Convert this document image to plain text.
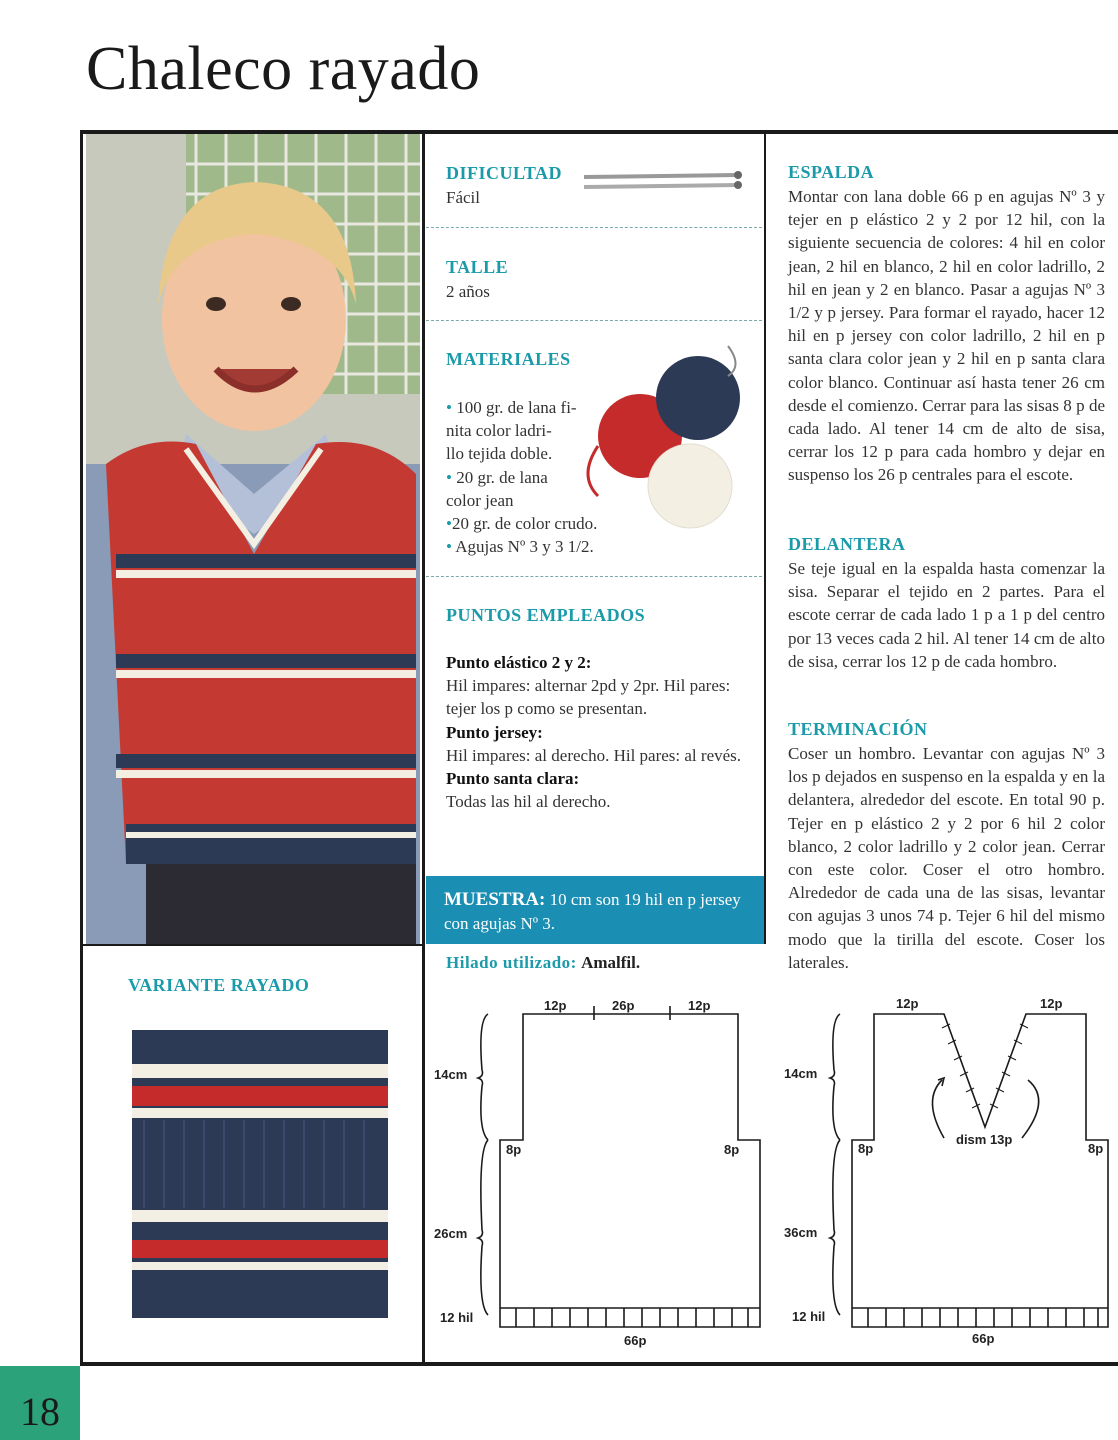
Chaleco rayado
DIFICULTAD

Fácil

TALLE

2 años

MATERIALES
• 100 gr. de lana fi-
nita color ladri-
llo tejida doble.
• 20 gr. de lana
color jean
•20 gr. de color crudo.
• Agujas Nº 3 y 3 1/2.
PUNTOS EMPLEADOS
Punto elástico 2 y 2:
Hil impares: alternar 2pd y 2pr. Hil pares: tejer los p como se presentan.
Punto jersey:
Hil impares: al derecho. Hil pares: al revés.
Punto santa clara:
Todas las hil al derecho.
MUESTRA: 10 cm son 19 hil en p jersey con agujas Nº 3.
Hilado utilizado: Amalfil.
ESPALDA

Montar con lana doble 66 p en agujas Nº 3 y tejer en p elástico 2 y 2 por 12 hil, con la siguiente secuencia de colores: 4 hil en color jean, 2 hil en blanco, 2 hil en color ladrillo, 2 hil en jean y 2 en blanco. Pasar a agujas Nº 3 1/2 y p jersey. Para formar el rayado, hacer 12 hil en p jersey con color ladrillo, 2 hil en p santa clara color jean y 2 hil en p santa clara color blanco. Continuar así hasta tener 26 cm desde el comienzo. Cerrar para las sisas 8 p de cada lado. Al tener 14 cm de alto de sisa, cerrar los 12 p para cada hombro y dejar en suspenso los 26 p centrales para el escote.

DELANTERA

Se teje igual en la espalda hasta comenzar la sisa. Separar el tejido en 2 partes. Para el escote cerrar de cada lado 1 p a 1 p del centro por 13 veces cada 2 hil. Al tener 14 cm de alto de sisa, cerrar los 12 p de cada hombro.

TERMINACIÓN

Coser un hombro. Levantar con agujas Nº 3 los p dejados en suspenso en la espalda y en la delantera, alrededor del escote. En total 90 p. Tejer en p elástico 2 y 2 por 6 hil 2 color blanco, 2 color ladrillo y 2 color jean. Cerrar con este color. Coser el otro hombro. Alrededor de cada una de las sisas, levantar con agujas 3 unos 74 p. Tejer 6 hil del mismo modo que la tirilla del escote. Coser los laterales.

VARIANTE RAYADO
12p	26p	12p
14cm
26cm
8p	8p
12 hil
66p
12p	12p
14cm
36cm
dism 13p
8p	8p
12 hil
66p
18
